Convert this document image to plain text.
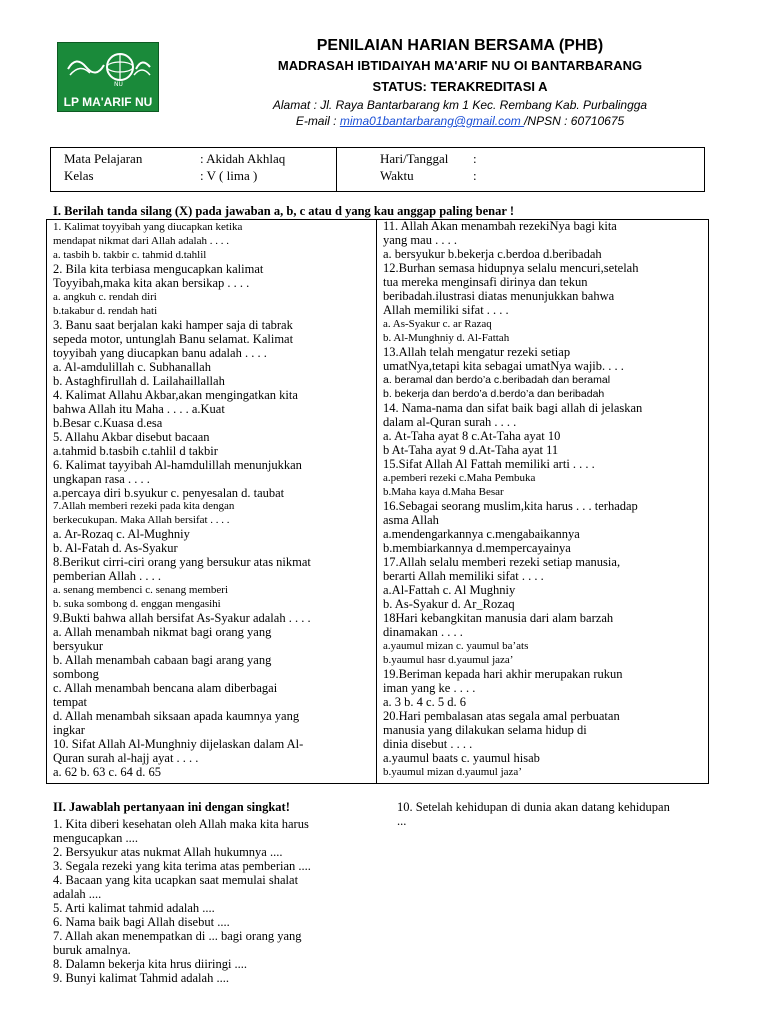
NU
LP MA'ARIF NU
PENILAIAN HARIAN BERSAMA (PHB)
MADRASAH IBTIDAIYAH MA'ARIF NU OI BANTARBARANG
STATUS: TERAKREDITASI A
Alamat : Jl. Raya Bantarbarang km 1 Kec. Rembang Kab. Purbalingga
E-mail : mima01bantarbarang@gmail.com /NPSN : 60710675
Mata Pelajaran	: Akidah Akhlaq
Kelas	: V ( lima )
Hari/Tanggal :
Waktu	:
I. Berilah tanda silang (X) pada jawaban a, b, c atau d yang kau anggap paling benar !
1. Kalimat toyyibah yang diucapkan ketika
mendapat nikmat dari Allah adalah . . . .
a. tasbih b. takbir c. tahmid d.tahlil
2. Bila kita terbiasa mengucapkan kalimat
Toyyibah,maka kita akan bersikap . . . .
a. angkuh c. rendah diri
b.takabur d. rendah hati
3. Banu saat berjalan kaki hamper saja di tabrak
sepeda motor, untunglah Banu selamat. Kalimat
toyyibah yang diucapkan banu adalah . . . .
a. Al-amdulillah c. Subhanallah
b. Astaghfirullah d. Lailahaillallah
4. Kalimat Allahu Akbar,akan mengingatkan kita
bahwa Allah itu Maha . . . . a.Kuat
b.Besar c.Kuasa d.esa
5. Allahu Akbar disebut bacaan
a.tahmid b.tasbih c.tahlil d takbir
6. Kalimat tayyibah Al-hamdulillah menunjukkan
ungkapan rasa . . . .
a.percaya diri b.syukur c. penyesalan d. taubat
7.Allah memberi rezeki pada kita dengan
berkecukupan. Maka Allah bersifat . . . .
a. Ar-Rozaq c. Al-Mughniy
b. Al-Fatah d. As-Syakur
8.Berikut cirri-ciri orang yang bersukur atas nikmat
pemberian Allah . . . .
a. senang membenci c. senang memberi
b. suka sombong d. enggan mengasihi
9.Bukti bahwa allah bersifat As-Syakur adalah . . . .
a. Allah menambah nikmat bagi orang yang
bersyukur
b. Allah menambah cabaan bagi arang yang
sombong
c. Allah menambah bencana alam diberbagai
tempat
d. Allah menambah siksaan apada kaumnya yang
ingkar
10. Sifat Allah Al-Munghniy dijelaskan dalam Al-
Quran surah al-hajj ayat . . . .
a. 62 b. 63 c. 64 d. 65
11. Allah Akan menambah rezekiNya bagi kita
yang mau . . . .
a. bersyukur b.bekerja c.berdoa d.beribadah
12.Burhan semasa hidupnya selalu mencuri,setelah
tua mereka menginsafi dirinya dan tekun
beribadah.ilustrasi diatas menunjukkan bahwa
Allah memiliki sifat . . . .
a. As-Syakur c. ar Razaq
b. Al-Munghniy d. Al-Fattah
13.Allah telah mengatur rezeki setiap
umatNya,tetapi kita sebagai umatNya wajib. . . .
a. beramal dan berdo’a c.beribadah dan beramal
b. bekerja dan berdo’a d.berdo’a dan beribadah
14. Nama-nama dan sifat baik bagi allah di jelaskan
dalam al-Quran surah . . . .
a. At-Taha ayat 8 c.At-Taha ayat 10
b At-Taha ayat 9 d.At-Taha ayat 11
15.Sifat Allah Al Fattah memiliki arti . . . .
a.pemberi rezeki c.Maha Pembuka
b.Maha kaya d.Maha Besar
16.Sebagai seorang muslim,kita harus . . . terhadap
asma Allah
a.mendengarkannya c.mengabaikannya
b.membiarkannya d.mempercayainya
17.Allah selalu memberi rezeki setiap manusia,
berarti Allah memiliki sifat . . . .
a.Al-Fattah c. Al Mughniy
b. As-Syakur d. Ar_Rozaq
18Hari kebangkitan manusia dari alam barzah
dinamakan . . . .
a.yaumul mizan c. yaumul ba’ats
b.yaumul hasr d.yaumul jaza’
19.Beriman kepada hari akhir merupakan rukun
iman yang ke . . . .
a. 3 b. 4 c. 5 d. 6
20.Hari pembalasan atas segala amal perbuatan
manusia yang dilakukan selama hidup di
dinia disebut . . . .
a.yaumul baats c. yaumul hisab
b.yaumul mizan d.yaumul jaza’
II. Jawablah pertanyaan ini dengan singkat!
1. Kita diberi kesehatan oleh Allah maka kita harus
mengucapkan ....
2. Bersyukur atas nukmat Allah hukumnya ....
3. Segala rezeki yang kita terima atas pemberian ....
4. Bacaan yang kita ucapkan saat memulai shalat
adalah ....
5. Arti kalimat tahmid adalah ....
6. Nama baik bagi Allah disebut ....
7. Allah akan menempatkan di ... bagi orang yang
buruk amalnya.
8. Dalamn bekerja kita hrus diiringi ....
9. Bunyi kalimat Tahmid adalah ....
10. Setelah kehidupan di dunia akan datang kehidupan
...
